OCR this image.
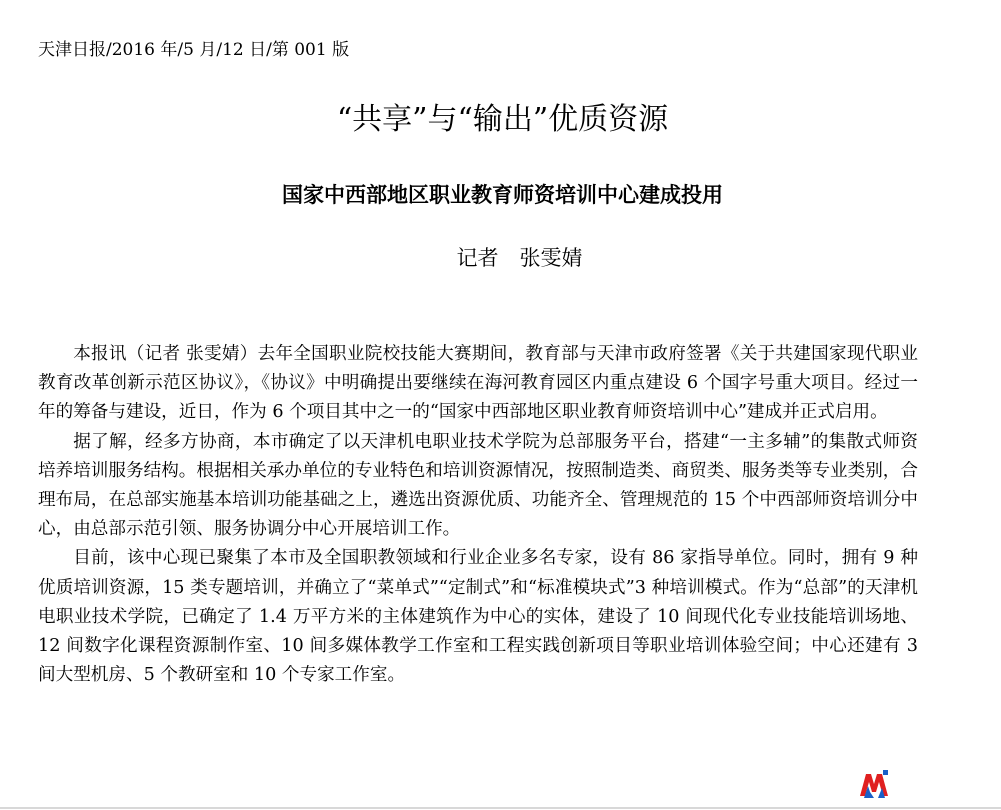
天津日报/2016 年/5 月/12 日/第 001 版
“共享”与“输出”优质资源
国家中西部地区职业教育师资培训中心建成投用
记者　张雯婧

本报讯（记者 张雯婧）去年全国职业院校技能大赛期间，教育部与天津市政府签署《关于共建国家现代职业教育改革创新示范区协议》，《协议》中明确提出要继续在海河教育园区内重点建设 6 个国字号重大项目。经过一年的筹备与建设，近日，作为 6 个项目其中之一的“国家中西部地区职业教育师资培训中心”建成并正式启用。

据了解，经多方协商，本市确定了以天津机电职业技术学院为总部服务平台，搭建“一主多辅”的集散式师资培养培训服务结构。根据相关承办单位的专业特色和培训资源情况，按照制造类、商贸类、服务类等专业类别，合理布局，在总部实施基本培训功能基础之上，遴选出资源优质、功能齐全、管理规范的 15 个中西部师资培训分中心，由总部示范引领、服务协调分中心开展培训工作。

目前，该中心现已聚集了本市及全国职教领域和行业企业多名专家，设有 86 家指导单位。同时，拥有 9 种优质培训资源，15 类专题培训，并确立了“菜单式”“定制式”和“标准模块式”3 种培训模式。作为“总部”的天津机电职业技术学院，已确定了 1.4 万平方米的主体建筑作为中心的实体，建设了 10 间现代化专业技能培训场地、12 间数字化课程资源制作室、10 间多媒体教学工作室和工程实践创新项目等职业培训体验空间；中心还建有 3 间大型机房、5 个教研室和 10 个专家工作室。
